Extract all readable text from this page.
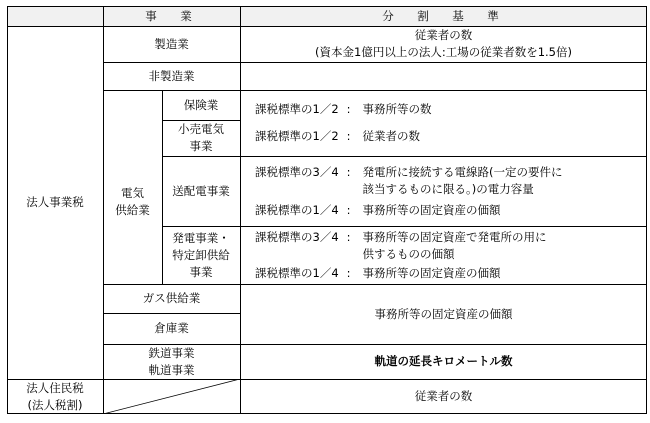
事　業	分　割　基　準
法人事業税
法人住民税
(法人税割)
製造業
非製造業
保険業
電気
供給業
小売電気
事業
送配電事業
発電事業・
特定卸供給
事業
ガス供給業
倉庫業
鉄道事業
軌道事業
従業者の数
(資本金1億円以上の法人:工場の従業者数を1.5倍)
課税標準の1／2 : 事務所等の数
課税標準の1／2 : 従業者の数
課税標準の3／4 : 発電所に接続する電線路(一定の要件に
該当するものに限る。)の電力容量
課税標準の1／4 : 事務所等の固定資産の価額
課税標準の3／4 : 事務所等の固定資産で発電所の用に
供するものの価額
課税標準の1／4 : 事務所等の固定資産の価額
事務所等の固定資産の価額
軌道の延長キロメートル数
従業者の数
